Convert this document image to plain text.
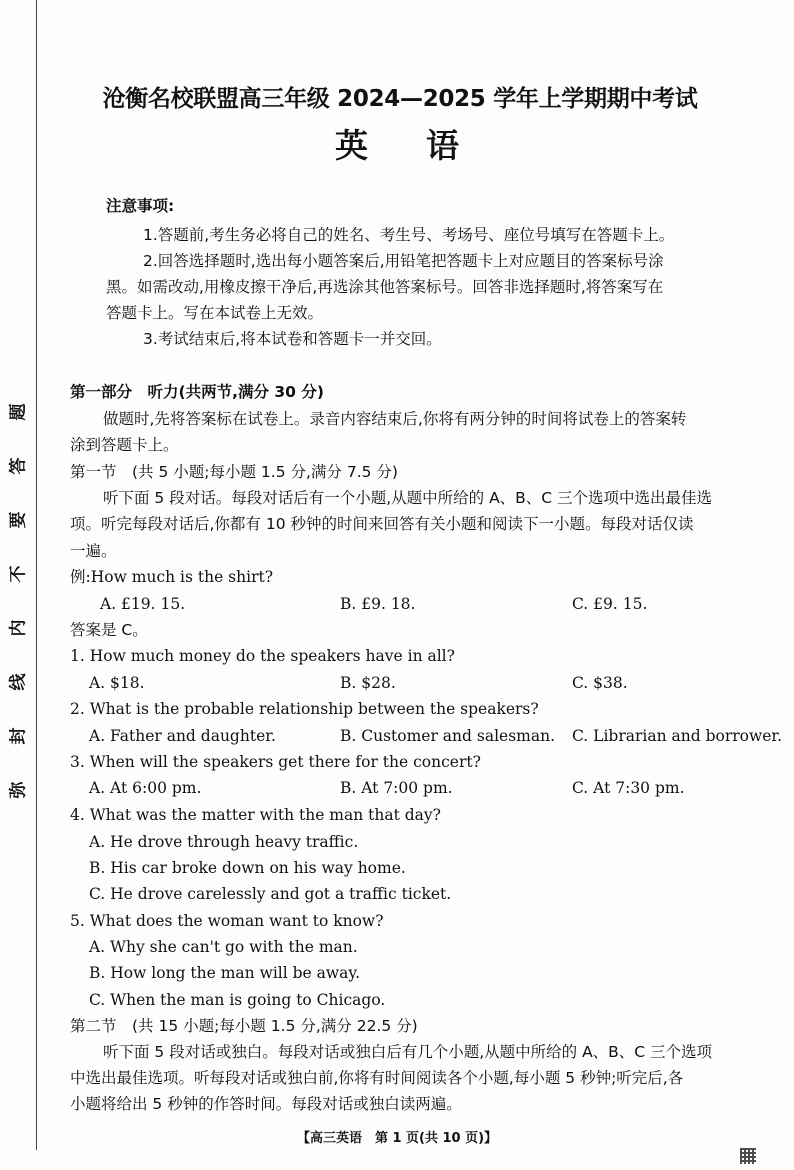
题
答
要
不
内
线
封
弥
沧衡名校联盟高三年级 2024—2025 学年上学期期中考试
英语
注意事项:
1.答题前,考生务必将自己的姓名、考生号、考场号、座位号填写在答题卡上。
2.回答选择题时,选出每小题答案后,用铅笔把答题卡上对应题目的答案标号涂
黑。如需改动,用橡皮擦干净后,再选涂其他答案标号。回答非选择题时,将答案写在
答题卡上。写在本试卷上无效。
3.考试结束后,将本试卷和答题卡一并交回。
第一部分　听力(共两节,满分 30 分)
做题时,先将答案标在试卷上。录音内容结束后,你将有两分钟的时间将试卷上的答案转
涂到答题卡上。
第一节　(共 5 小题;每小题 1.5 分,满分 7.5 分)
听下面 5 段对话。每段对话后有一个小题,从题中所给的 A、B、C 三个选项中选出最佳选
项。听完每段对话后,你都有 10 秒钟的时间来回答有关小题和阅读下一小题。每段对话仅读
一遍。
例:How much is the shirt?
A. £19. 15.	B. £9. 18.	C. £9. 15.
答案是 C。
1. How much money do the speakers have in all?
A. $18.	B. $28.	C. $38.
2. What is the probable relationship between the speakers?
A. Father and daughter.	B. Customer and salesman. C. Librarian and borrower.
3. When will the speakers get there for the concert?
A. At 6:00 pm.	B. At 7:00 pm.	C. At 7:30 pm.
4. What was the matter with the man that day?
A. He drove through heavy traffic.
B. His car broke down on his way home.
C. He drove carelessly and got a traffic ticket.
5. What does the woman want to know?
A. Why she can't go with the man.
B. How long the man will be away.
C. When the man is going to Chicago.
第二节　(共 15 小题;每小题 1.5 分,满分 22.5 分)
听下面 5 段对话或独白。每段对话或独白后有几个小题,从题中所给的 A、B、C 三个选项
中选出最佳选项。听每段对话或独白前,你将有时间阅读各个小题,每小题 5 秒钟;听完后,各
小题将给出 5 秒钟的作答时间。每段对话或独白读两遍。
【高三英语　第 1 页(共 10 页)】
